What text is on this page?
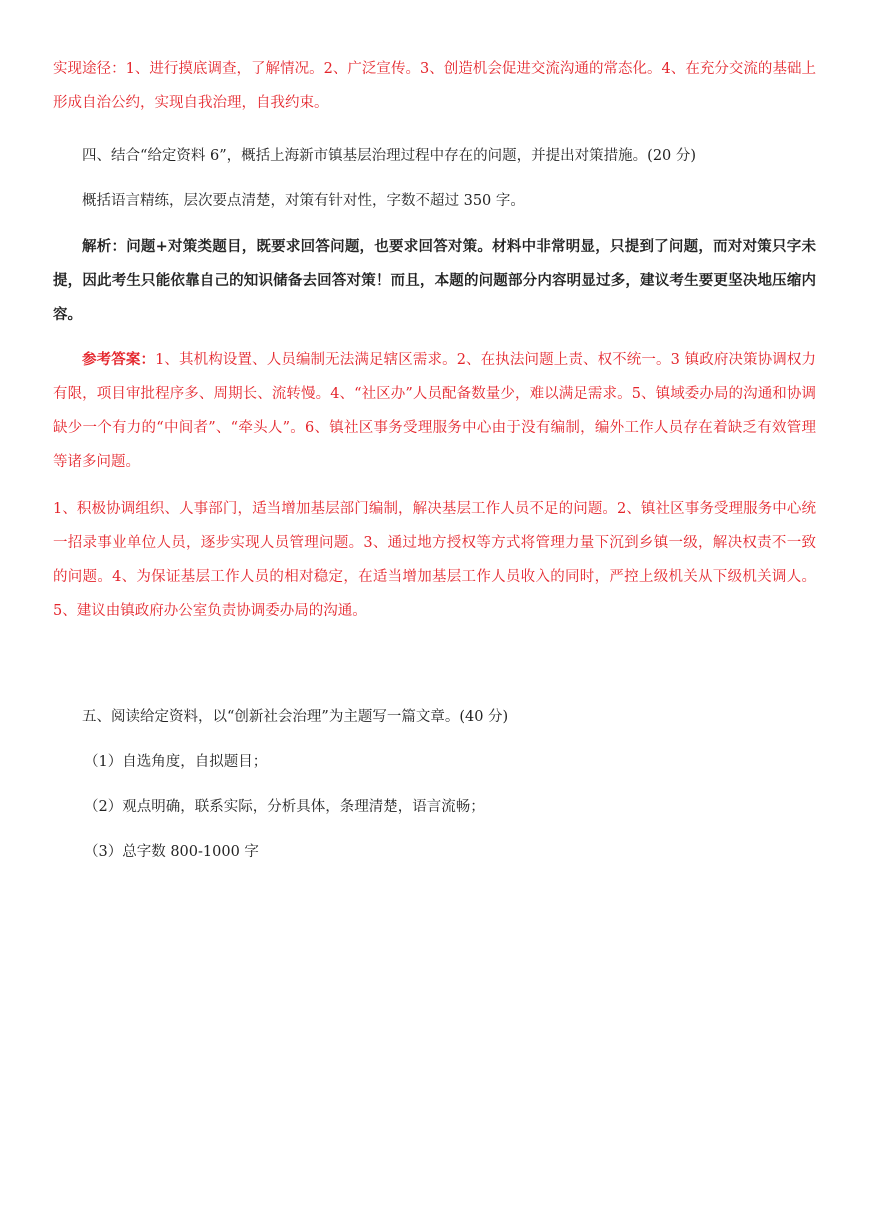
实现途径：1、进行摸底调查，了解情况。2、广泛宣传。3、创造机会促进交流沟通的常态化。4、在充分交流的基础上形成自治公约，实现自我治理，自我约束。
四、结合“给定资料 6”，概括上海新市镇基层治理过程中存在的问题，并提出对策措施。(20 分)
概括语言精练，层次要点清楚，对策有针对性，字数不超过 350 字。
解析：问题+对策类题目，既要求回答问题，也要求回答对策。材料中非常明显，只提到了问题，而对对策只字未提，因此考生只能依靠自己的知识储备去回答对策！而且，本题的问题部分内容明显过多，建议考生要更坚决地压缩内容。
参考答案：1、其机构设置、人员编制无法满足辖区需求。2、在执法问题上责、权不统一。3 镇政府决策协调权力有限，项目审批程序多、周期长、流转慢。4、“社区办”人员配备数量少，难以满足需求。5、镇域委办局的沟通和协调缺少一个有力的“中间者”、“牵头人”。6、镇社区事务受理服务中心由于没有编制，编外工作人员存在着缺乏有效管理等诸多问题。
1、积极协调组织、人事部门，适当增加基层部门编制，解决基层工作人员不足的问题。2、镇社区事务受理服务中心统一招录事业单位人员，逐步实现人员管理问题。3、通过地方授权等方式将管理力量下沉到乡镇一级，解决权责不一致的问题。4、为保证基层工作人员的相对稳定，在适当增加基层工作人员收入的同时，严控上级机关从下级机关调人。5、建议由镇政府办公室负责协调委办局的沟通。
五、阅读给定资料，以“创新社会治理”为主题写一篇文章。(40 分)
（1）自选角度，自拟题目；
（2）观点明确，联系实际，分析具体，条理清楚，语言流畅；
（3）总字数 800-1000 字
